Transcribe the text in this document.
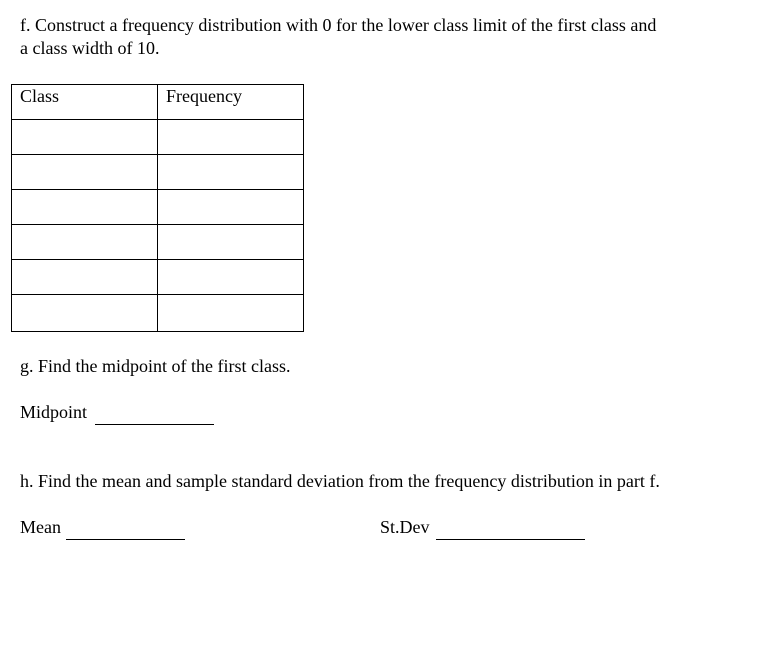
f. Construct a frequency distribution with 0 for the lower class limit of the first class and
a class width of 10.
Class	Frequency

g. Find the midpoint of the first class.
Midpoint
h. Find the mean and sample standard deviation from the frequency distribution in part f.
Mean	St.Dev
